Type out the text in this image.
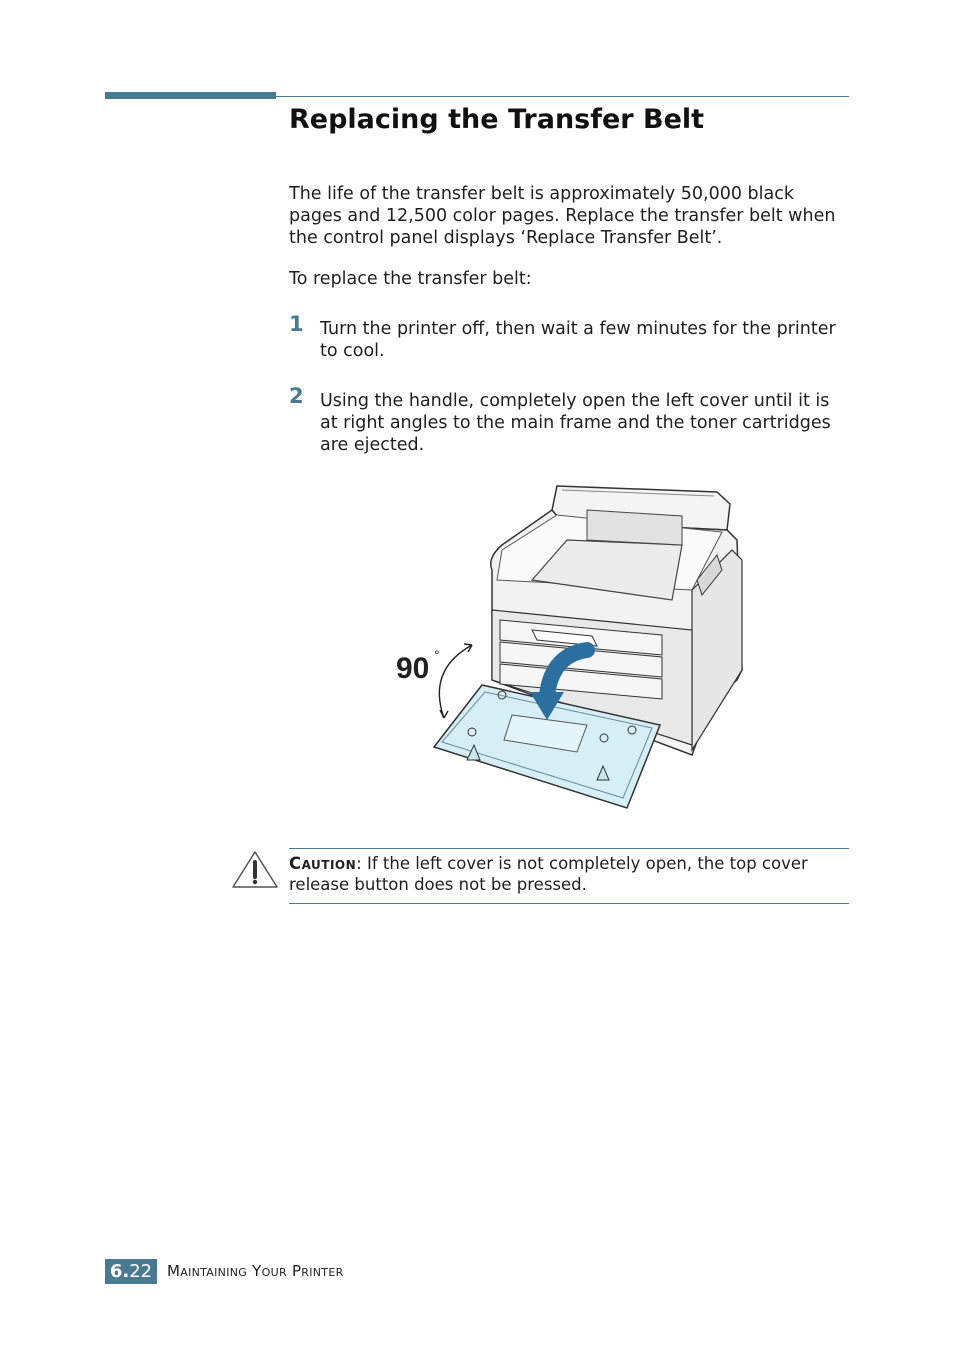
Replacing the Transfer Belt

The life of the transfer belt is approximately 50,000 black pages and 12,500 color pages. Replace the transfer belt when the control panel displays ‘Replace Transfer Belt’.

To replace the transfer belt:

1 Turn the printer off, then wait a few minutes for the printer to cool.

2 Using the handle, completely open the left cover until it is at right angles to the main frame and the toner cartridges are ejected.

90 °

Caution: If the left cover is not completely open, the top cover release button does not be pressed.

6.22 Maintaining Your Printer
